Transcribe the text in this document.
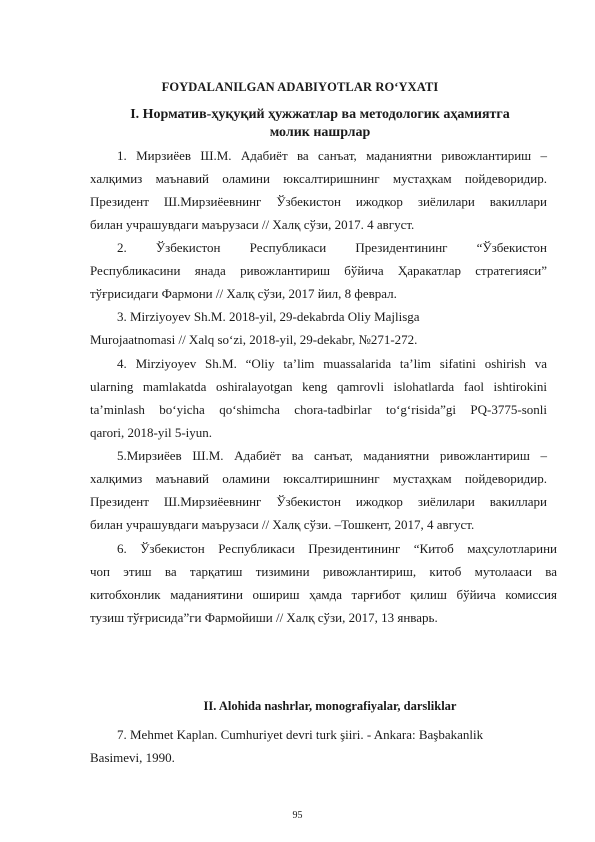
FOYDALANILGAN ADABIYOTLAR RO‘YXATI
I. Норматив-ҳуқуқий ҳужжатлар ва методологик аҳамиятга
молик нашрлар
1. Мирзиёев Ш.М. Адабиёт ва санъат, маданиятни ривожлантириш –
халқимиз маънавий оламини юксалтиришнинг мустаҳкам пойдеворидир.
Президент Ш.Мирзиёевнинг Ўзбекистон ижодкор зиёлилари вакиллари
билан учрашувдаги маърузаси // Халқ сўзи, 2017. 4 август.
2. Ўзбекистон Республикаси Президентининг “Ўзбекистон
Республикасини янада ривожлантириш бўйича Ҳаракатлар стратегияси”
тўғрисидаги Фармони // Халқ сўзи, 2017 йил, 8 феврал.
3. Mirziyoyev Sh.M. 2018-yil, 29-dekabrda Oliy Majlisga
Murojaatnomasi // Xalq so‘zi, 2018-yil, 29-dekabr, №271-272.
4. Mirziyoyev Sh.M. “Oliy ta’lim muassalarida ta’lim sifatini oshirish va
ularning mamlakatda oshiralayotgan keng qamrovli islohatlarda faol ishtirokini
ta’minlash bo‘yicha qo‘shimcha chora-tadbirlar to‘g‘risida”gi PQ-3775-sonli
qarori, 2018-yil 5-iyun.
5.Мирзиёев Ш.М. Адабиёт ва санъат, маданиятни ривожлантириш –
халқимиз маънавий оламини юксалтиришнинг мустаҳкам пойдеворидир.
Президент Ш.Мирзиёевнинг Ўзбекистон ижодкор зиёлилари вакиллари
билан учрашувдаги маърузаси // Халқ сўзи. –Тошкент, 2017, 4 август.
6. Ўзбекистон Республикаси Президентининг “Китоб маҳсулотларини
чоп этиш ва тарқатиш тизимини ривожлантириш, китоб мутолааси ва
китобхонлик маданиятини ошириш ҳамда тарғибот қилиш бўйича комиссия
тузиш тўғрисида”ги Фармойиши // Халқ сўзи, 2017, 13 январь.
II. Alohida nashrlar, monografiyalar, darsliklar
7. Mehmet Kaplan. Cumhuriyet devri turk şiiri. - Ankara: Başbakanlik
Basimevi, 1990.
95
